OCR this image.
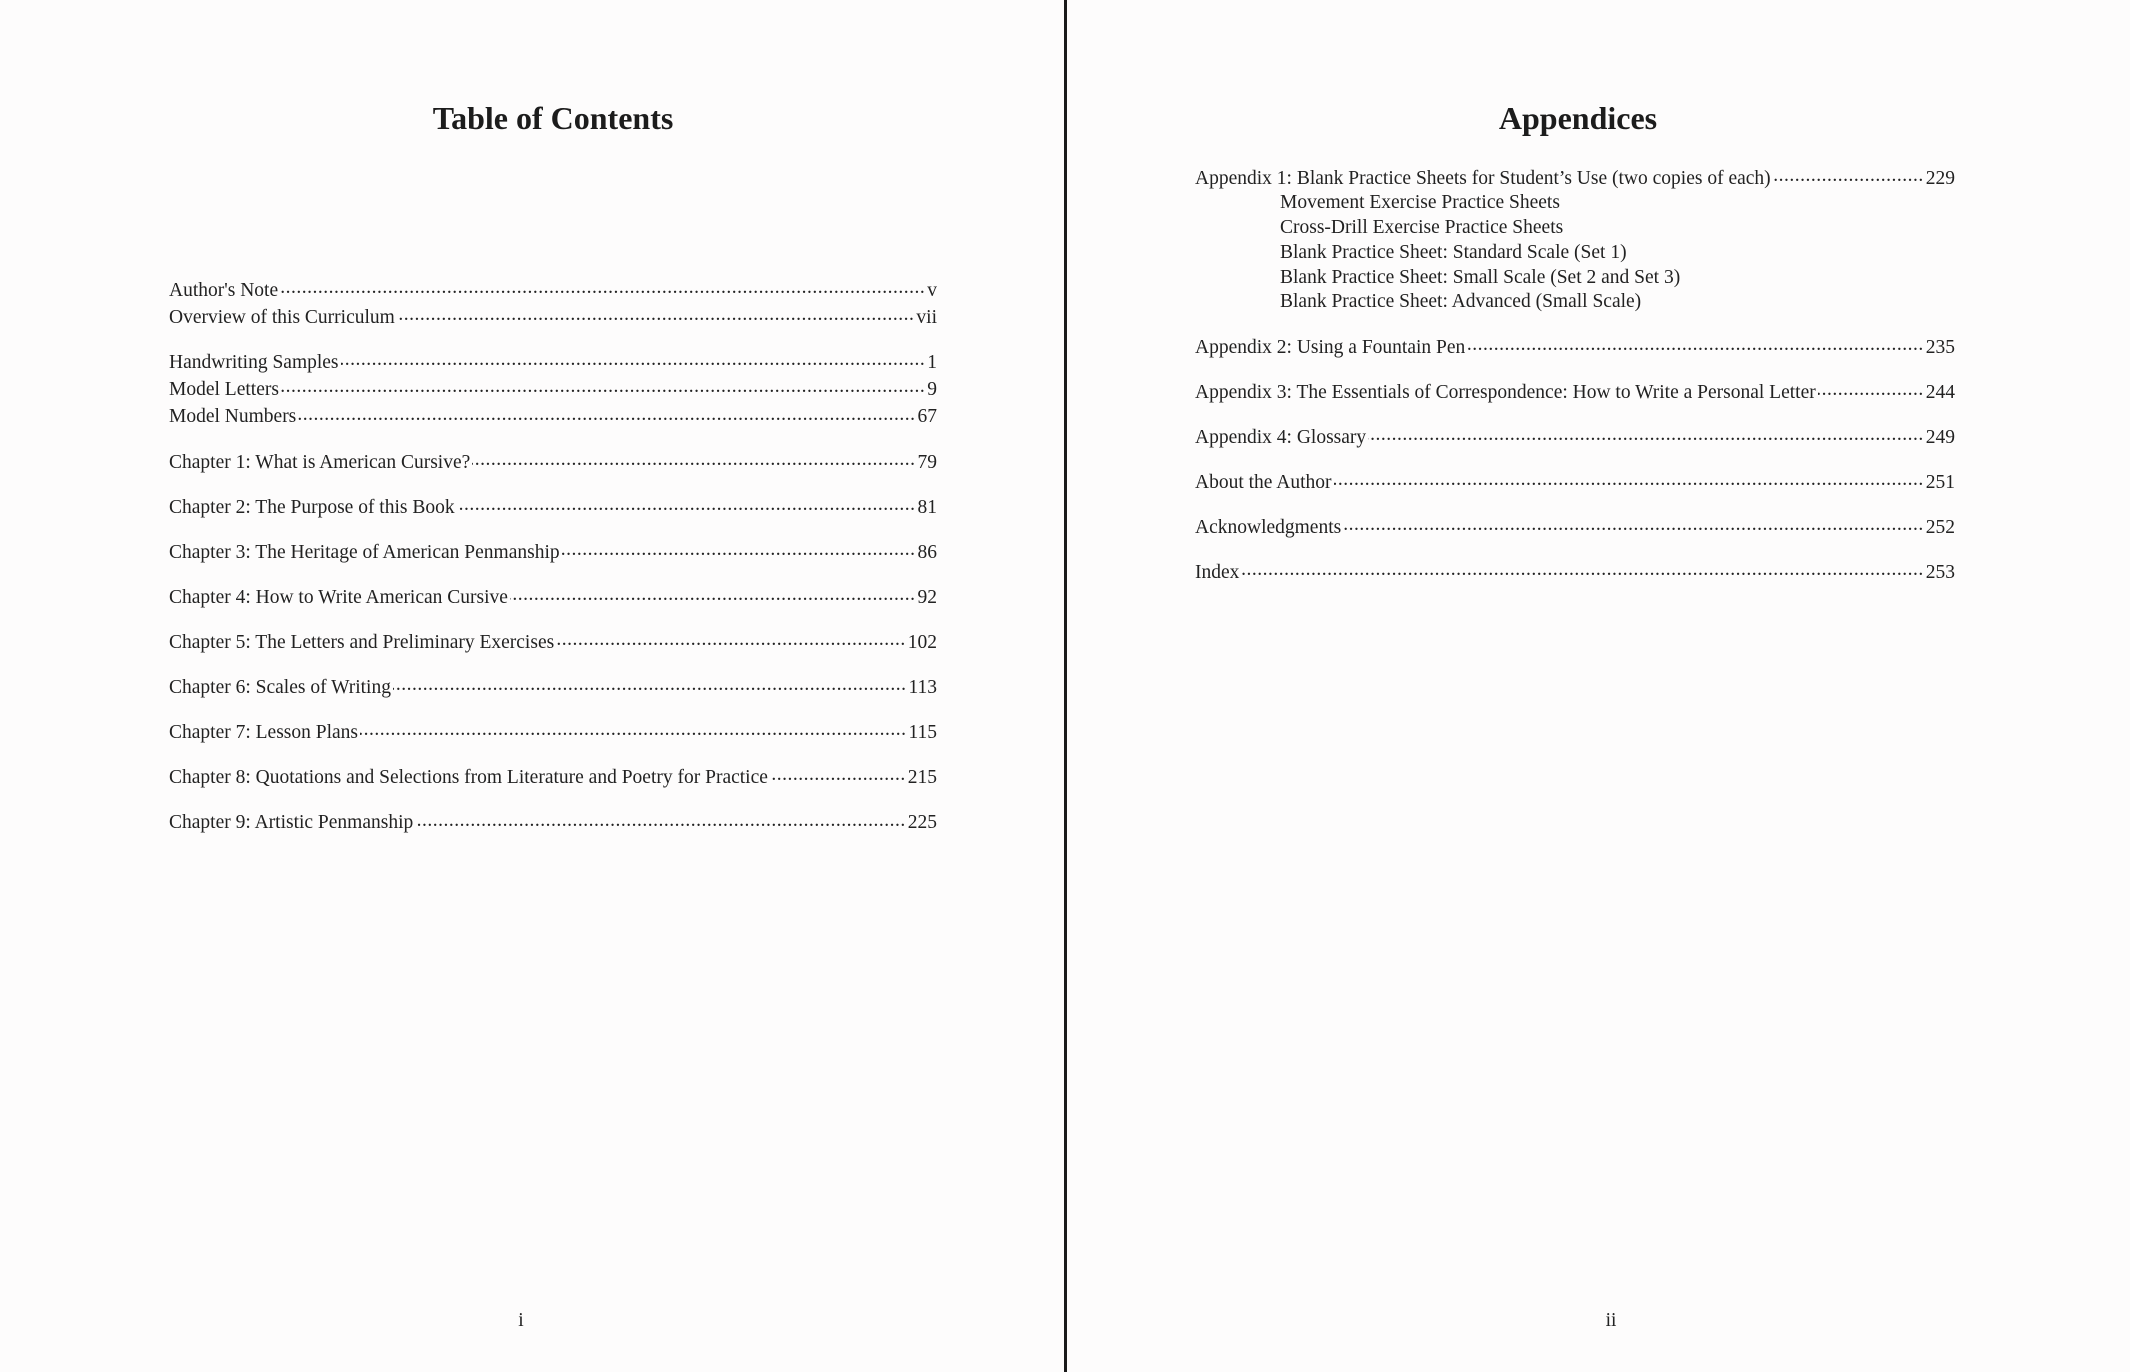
Table of Contents
Author's Note .....	v
Overview of this Curriculum .....	vii
Handwriting Samples .....	1
Model Letters .....	9
Model Numbers .....	67
Chapter 1: What is American Cursive? .....	79
Chapter 2: The Purpose of this Book .....	81
Chapter 3: The Heritage of American Penmanship .....	86
Chapter 4: How to Write American Cursive .....	92
Chapter 5: The Letters and Preliminary Exercises .....	102
Chapter 6: Scales of Writing .....	113
Chapter 7: Lesson Plans .....	115
Chapter 8: Quotations and Selections from Literature and Poetry for Practice .....	215
Chapter 9: Artistic Penmanship .....	225
i
Appendices
Appendix 1: Blank Practice Sheets for Student’s Use (two copies of each) .....	229
Movement Exercise Practice Sheets
Cross-Drill Exercise Practice Sheets
Blank Practice Sheet: Standard Scale (Set 1)
Blank Practice Sheet: Small Scale (Set 2 and Set 3)
Blank Practice Sheet: Advanced (Small Scale)
Appendix 2: Using a Fountain Pen .....	235
Appendix 3: The Essentials of Correspondence: How to Write a Personal Letter .....	244
Appendix 4: Glossary .....	249
About the Author .....	251
Acknowledgments .....	252
Index .....	253
ii
